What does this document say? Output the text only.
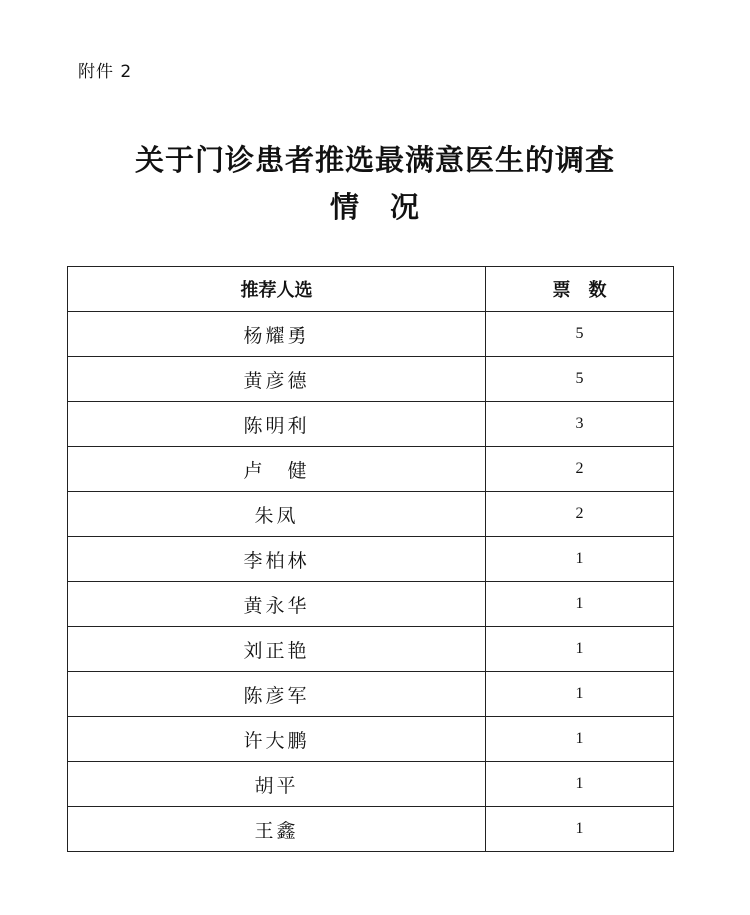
附件 2
关于门诊患者推选最满意医生的调查
情 况
推荐人选	票　数
杨耀勇	5
黄彦德	5
陈明利	3
卢　健	2
朱凤	2
李柏林	1
黄永华	1
刘正艳	1
陈彦军	1
许大鹏	1
胡平	1
王鑫	1
